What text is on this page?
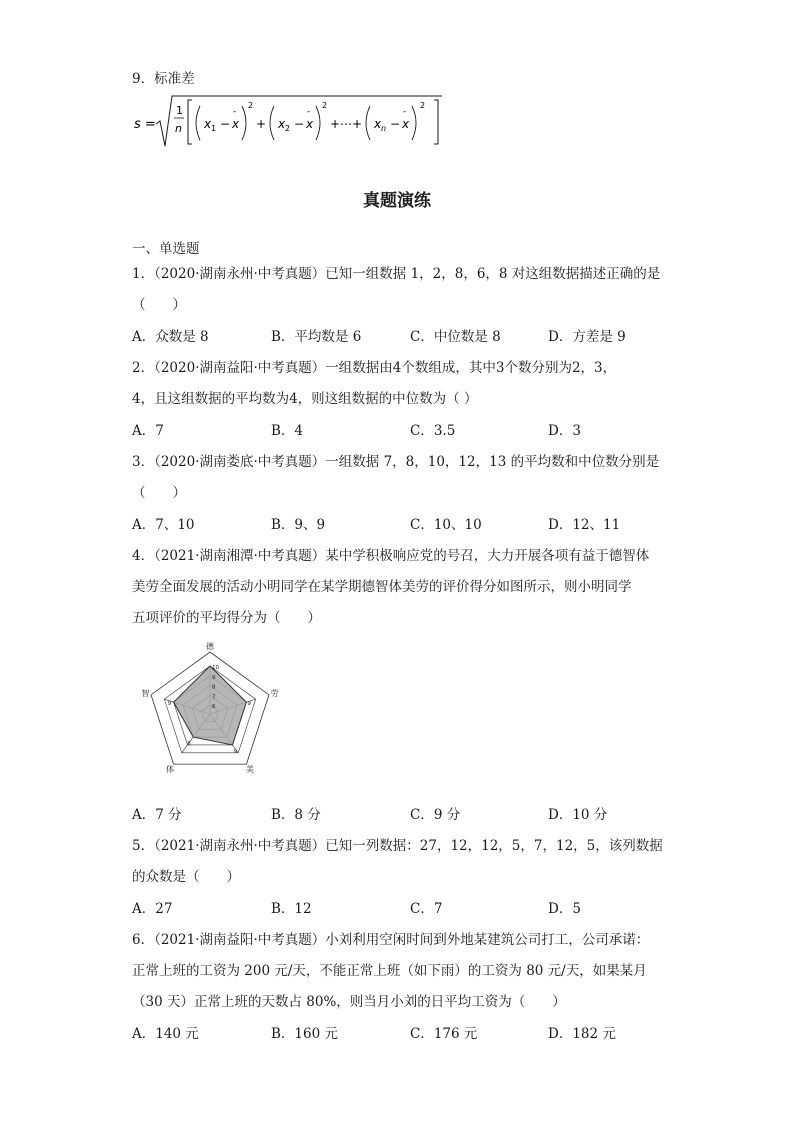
9．标准差
s =
1
n x 1 − x
-
2
+ x 2 − x
-
2
+⋯+ x n − x
-
2
真题演练
一、单选题
1．（2020·湖南永州·中考真题）已知一组数据 1，2，8，6，8 对这组数据描述正确的是
（　　）
A．众数是 8	B．平均数是 6	C．中位数是 8	D．方差是 9
2．（2020·湖南益阳·中考真题）一组数据由4个数组成，其中3个数分别为2，3，
4，且这组数据的平均数为4，则这组数据的中位数为（ ）
A．7	B．4	C．3.5	D．3
3．（2020·湖南娄底·中考真题）一组数据 7，8，10，12，13 的平均数和中位数分别是
（　　）
A．7、10	B．9、9	C．10、10	D．12、11
4．（2021·湖南湘潭·中考真题）某中学积极响应党的号召，大力开展各项有益于德智体
美劳全面发展的活动小明同学在某学期德智体美劳的评价得分如图所示，则小明同学
五项评价的平均得分为（　　）
10
9
8
7
6	9
9
8
9
德
劳
美
体
智
A．7 分	B．8 分	C．9 分	D．10 分
5．（2021·湖南永州·中考真题）已知一列数据：27，12，12，5，7，12，5，该列数据
的众数是（　　）
A．27	B．12	C．7	D．5
6．（2021·湖南益阳·中考真题）小刘利用空闲时间到外地某建筑公司打工，公司承诺：
正常上班的工资为 200 元/天，不能正常上班（如下雨）的工资为 80 元/天，如果某月
（30 天）正常上班的天数占 80%，则当月小刘的日平均工资为（　　）
A．140 元	B．160 元	C．176 元	D．182 元
